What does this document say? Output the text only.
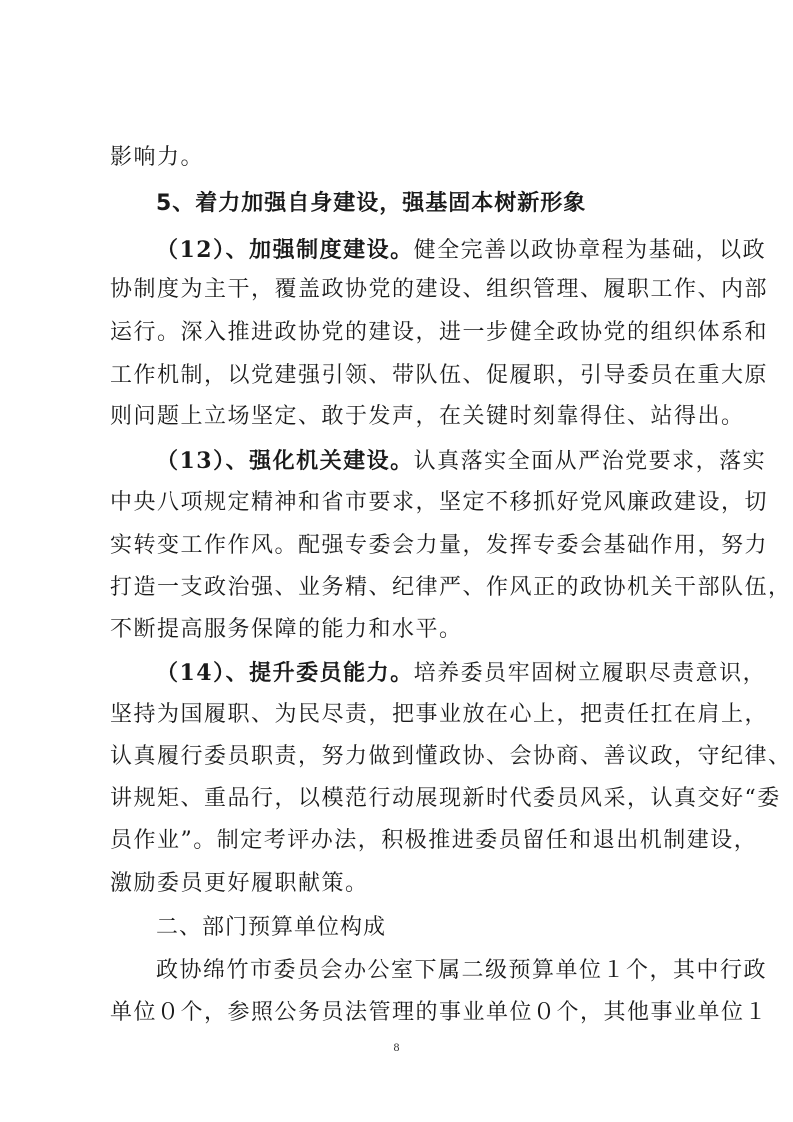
影响力。
5、着力加强自身建设，强基固本树新形象
（12）、加强制度建设。健全完善以政协章程为基础，以政
协制度为主干，覆盖政协党的建设、组织管理、履职工作、内部
运行。深入推进政协党的建设，进一步健全政协党的组织体系和
工作机制，以党建强引领、带队伍、促履职，引导委员在重大原
则问题上立场坚定、敢于发声，在关键时刻靠得住、站得出。
（13）、强化机关建设。认真落实全面从严治党要求，落实
中央八项规定精神和省市要求，坚定不移抓好党风廉政建设，切
实转变工作作风。配强专委会力量，发挥专委会基础作用，努力
打造一支政治强、业务精、纪律严、作风正的政协机关干部队伍，
不断提高服务保障的能力和水平。
（14）、提升委员能力。培养委员牢固树立履职尽责意识，
坚持为国履职、为民尽责，把事业放在心上，把责任扛在肩上，
认真履行委员职责，努力做到懂政协、会协商、善议政，守纪律、
讲规矩、重品行，以模范行动展现新时代委员风采，认真交好“委
员作业”。制定考评办法，积极推进委员留任和退出机制建设，
激励委员更好履职献策。
二、部门预算单位构成
政协绵竹市委员会办公室下属二级预算单位１个，其中行政
单位０个，参照公务员法管理的事业单位０个，其他事业单位１
8
